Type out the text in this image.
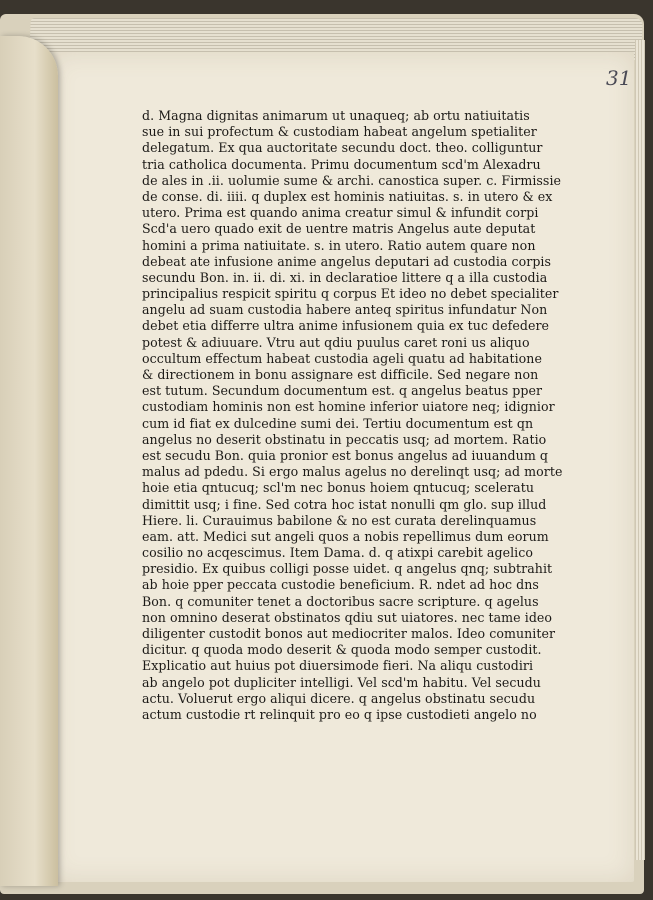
31
d. Magna dignitas animarum ut unaqueq; ab ortu natiuitatis
sue in sui profectum & custodiam habeat angelum spetialiter
delegatum. Ex qua auctoritate secundu doct. theo. colliguntur
tria catholica documenta. Primu documentum scd'm Alexadru
de ales in .ii. uolumie sume & archi. canostica super. c. Firmissie
de conse. di. iiii. q duplex est hominis natiuitas. s. in utero & ex
utero. Prima est quando anima creatur simul & infundit corpi
Scd'a uero quado exit de uentre matris Angelus aute deputat
homini a prima natiuitate. s. in utero. Ratio autem quare non
debeat ate infusione anime angelus deputari ad custodia corpis
secundu Bon. in. ii. di. xi. in declaratioe littere q a illa custodia
principalius respicit spiritu q corpus Et ideo no debet specialiter
angelu ad suam custodia habere anteq spiritus infundatur Non
debet etia differre ultra anime infusionem quia ex tuc defedere
potest & adiuuare. Vtru aut qdiu puulus caret roni us aliquo
occultum effectum habeat custodia ageli quatu ad habitatione
& directionem in bonu assignare est difficile. Sed negare non
est tutum. Secundum documentum est. q angelus beatus pper
custodiam hominis non est homine inferior uiatore neq; idignior
cum id fiat ex dulcedine sumi dei. Tertiu documentum est qn
angelus no deserit obstinatu in peccatis usq; ad mortem. Ratio
est secudu Bon. quia pronior est bonus angelus ad iuuandum q
malus ad pdedu. Si ergo malus agelus no derelinqt usq; ad morte
hoie etia qntucuq; scl'm nec bonus hoiem qntucuq; sceleratu
dimittit usq; i fine. Sed cotra hoc istat nonulli qm glo. sup illud
Hiere. li. Curauimus babilone & no est curata derelinquamus
eam. att. Medici sut angeli quos a nobis repellimus dum eorum
cosilio no acqescimus. Item Dama. d. q atixpi carebit agelico
presidio. Ex quibus colligi posse uidet. q angelus qnq; subtrahit
ab hoie pper peccata custodie beneficium. R. ndet ad hoc dns
Bon. q comuniter tenet a doctoribus sacre scripture. q agelus
non omnino deserat obstinatos qdiu sut uiatores. nec tame ideo
diligenter custodit bonos aut mediocriter malos. Ideo comuniter
dicitur. q quoda modo deserit & quoda modo semper custodit.
Explicatio aut huius pot diuersimode fieri. Na aliqu custodiri
ab angelo pot dupliciter intelligi. Vel scd'm habitu. Vel secudu
actu. Voluerut ergo aliqui dicere. q angelus obstinatu secudu
actum custodie rt relinquit pro eo q ipse custodieti angelo no
